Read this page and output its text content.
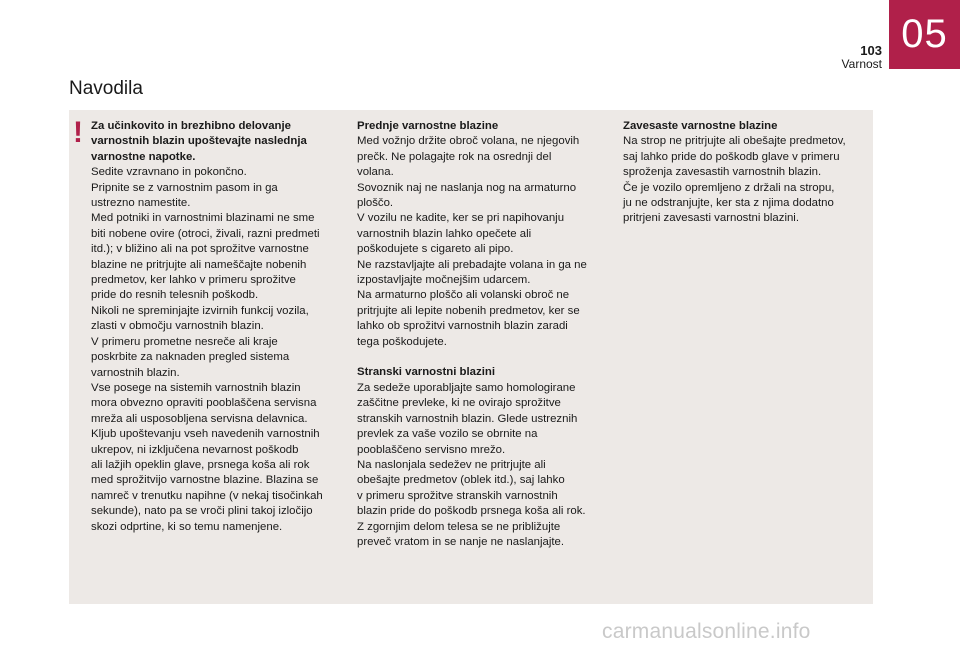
05
103
Varnost
Navodila
! Za učinkovito in brezhibno delovanje
varnostnih blazin upoštevajte naslednja
varnostne napotke.
Sedite vzravnano in pokončno.
Pripnite se z varnostnim pasom in ga
ustrezno namestite.
Med potniki in varnostnimi blazinami ne sme
biti nobene ovire (otroci, živali, razni predmeti
itd.); v bližino ali na pot sprožitve varnostne
blazine ne pritrjujte ali nameščajte nobenih
predmetov, ker lahko v primeru sprožitve
pride do resnih telesnih poškodb.
Nikoli ne spreminjajte izvirnih funkcij vozila,
zlasti v območju varnostnih blazin.
V primeru prometne nesreče ali kraje
poskrbite za naknaden pregled sistema
varnostnih blazin.
Vse posege na sistemih varnostnih blazin
mora obvezno opraviti pooblaščena servisna
mreža ali usposobljena servisna delavnica.
Kljub upoštevanju vseh navedenih varnostnih
ukrepov, ni izključena nevarnost poškodb
ali lažjih opeklin glave, prsnega koša ali rok
med sprožitvijo varnostne blazine. Blazina se
namreč v trenutku napihne (v nekaj tisočinkah
sekunde), nato pa se vroči plini takoj izločijo
skozi odprtine, ki so temu namenjene.
Prednje varnostne blazine
Med vožnjo držite obroč volana, ne njegovih
prečk. Ne polagajte rok na osrednji del
volana.
Sovoznik naj ne naslanja nog na armaturno
ploščo.
V vozilu ne kadite, ker se pri napihovanju
varnostnih blazin lahko opečete ali
poškodujete s cigareto ali pipo.
Ne razstavljajte ali prebadajte volana in ga ne
izpostavljajte močnejšim udarcem.
Na armaturno ploščo ali volanski obroč ne
pritrjujte ali lepite nobenih predmetov, ker se
lahko ob sprožitvi varnostnih blazin zaradi
tega poškodujete.
Stranski varnostni blazini
Za sedeže uporabljajte samo homologirane
zaščitne prevleke, ki ne ovirajo sprožitve
stranskih varnostnih blazin. Glede ustreznih
prevlek za vaše vozilo se obrnite na
pooblaščeno servisno mrežo.
Na naslonjala sedežev ne pritrjujte ali
obešajte predmetov (oblek itd.), saj lahko
v primeru sprožitve stranskih varnostnih
blazin pride do poškodb prsnega koša ali rok.
Z zgornjim delom telesa se ne približujte
preveč vratom in se nanje ne naslanjajte.
Zavesaste varnostne blazine
Na strop ne pritrjujte ali obešajte predmetov,
saj lahko pride do poškodb glave v primeru
sproženja zavesastih varnostnih blazin.
Če je vozilo opremljeno z držali na stropu,
ju ne odstranjujte, ker sta z njima dodatno
pritrjeni zavesasti varnostni blazini.
carmanualsonline.info
